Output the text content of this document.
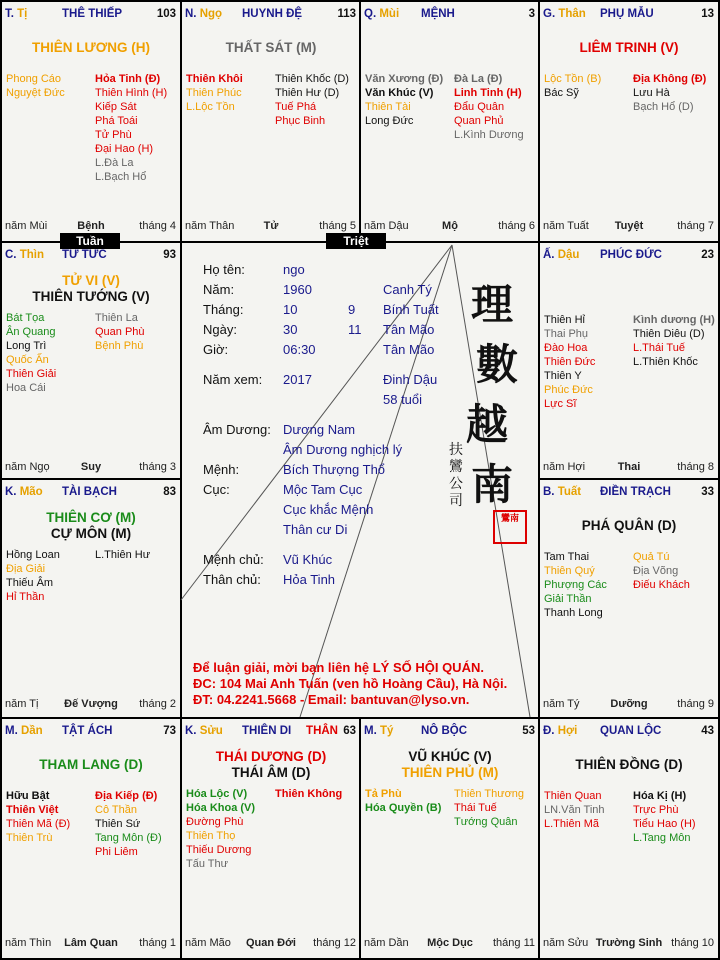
T. Tị	THÊ THIẾP	103
THIÊN LƯƠNG (H)
Phong Cáo
Nguyệt Đức
Hỏa Tinh (Đ)
Thiên Hình (H)
Kiếp Sát
Phá Toái
Tử Phù
Đại Hao (H)
L.Đà La
L.Bạch Hổ
năm Mùi	Bệnh	tháng 4
N. Ngọ HUYNH ĐỆ	113
THẤT SÁT (M)
Thiên Khôi
Thiên Phúc
L.Lộc Tồn
Thiên Khốc (D)
Thiên Hư (D)
Tuế Phá
Phục Binh
năm Thân	Tử	tháng 5
Q. Mùi MỆNH	3
Văn Xương (Đ)
Văn Khúc (V)
Thiên Tài
Long Đức
Đà La (Đ)
Linh Tinh (H)
Đẩu Quân
Quan Phủ
L.Kình Dương
năm Dậu	Mộ	tháng 6
G. Thân PHỤ MẪU	13
LIÊM TRINH (V)
Lộc Tồn (B)
Bác Sỹ
Địa Không (Đ)
Lưu Hà
Bạch Hổ (D)
năm Tuất	Tuyệt	tháng 7
C. Thìn TỬ TỨC	93
TỬ VI (V)
THIÊN TƯỚNG (V)
Bát Tọa
Ân Quang
Long Trì
Quốc Ấn
Thiên Giải
Hoa Cái
Thiên La
Quan Phù
Bệnh Phù
năm Ngọ	Suy	tháng 3
Ấ. Dậu PHÚC ĐỨC	23
Thiên Hỉ
Thai Phụ
Đào Hoa
Thiên Đức
Thiên Y
Phúc Đức
Lực Sĩ
Kình dương (H)
Thiên Diêu (D)
L.Thái Tuế
L.Thiên Khốc
năm Hợi	Thai	tháng 8
K. Mão TÀI BẠCH	83
THIÊN CƠ (M)
CỰ MÔN (M)
Hồng Loan
Địa Giải
Thiếu Âm
Hỉ Thần
L.Thiên Hư
năm Tị	Đế Vượng	tháng 2
B. Tuất ĐIỀN TRẠCH	33
PHÁ QUÂN (D)
Tam Thai
Thiên Quý
Phượng Các
Giải Thần
Thanh Long
Quả Tú
Địa Võng
Điếu Khách
năm Tý	Dưỡng	tháng 9
M. Dần TẬT ÁCH	73
THAM LANG (D)
Hữu Bật
Thiên Việt
Thiên Mã (Đ)
Thiên Trù
Địa Kiếp (Đ)
Cô Thần
Thiên Sứ
Tang Môn (Đ)
Phi Liêm
năm Thìn	Lâm Quan	tháng 1
K. Sửu THIÊN DI	63
THÂN
THÁI DƯƠNG (D)
THÁI ÂM (D)
Hóa Lộc (V)
Hóa Khoa (V)
Đường Phù
Thiên Thọ
Thiếu Dương
Tấu Thư
Thiên Không
năm Mão	Quan Đới	tháng 12
M. Tý NÔ BỘC	53
VŨ KHÚC (V)
THIÊN PHỦ (M)
Tả Phù
Hóa Quyền (B)
Thiên Thương
Thái Tuế
Tướng Quân
năm Dần	Mộc Dục	tháng 11
Đ. Hợi QUAN LỘC	43
THIÊN ĐỒNG (D)
Thiên Quan
LN.Văn Tinh
L.Thiên Mã
Hóa Kị (H)
Trực Phù
Tiểu Hao (H)
L.Tang Môn
năm Sửu Trường Sinh tháng 10
Tuần	Triệt
Họ tên:	ngo
Năm:	1960	Canh Tý
Tháng:	10	9 Bính Tuất
Ngày:	30	11 Tân Mão
Giờ:	06:30	Tân Mão
Năm xem: 2017	Đinh Dậu
58 tuổi
Âm Dương: Dương Nam
Âm Dương nghịch lý
Mệnh:	Bích Thượng Thổ
Cục:	Mộc Tam Cục
Cục khắc Mệnh
Thân cư Di
Mệnh chủ: Vũ Khúc
Thân chủ: Hỏa Tinh
理
數
越
南
扶
鸞
公
司
鸞南
Để luận giải, mời bạn liên hệ LÝ SỐ HỘI QUÁN.
ĐC: 104 Mai Anh Tuấn (ven hồ Hoàng Cầu), Hà Nội.
ĐT: 04.2241.5668 - Email: bantuvan@lyso.vn.
